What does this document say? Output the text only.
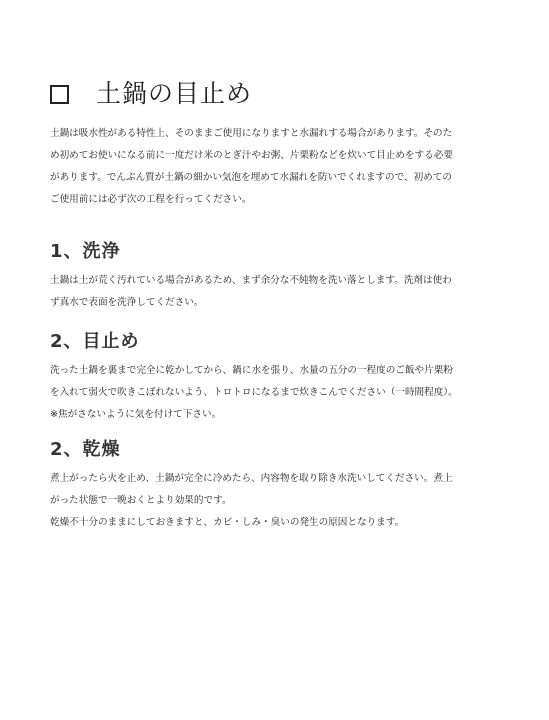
土鍋の目止め
土鍋は吸水性がある特性上、そのままご使用になりますと水漏れする場合があります。そのた
め初めてお使いになる前に一度だけ米のとぎ汁やお粥、片栗粉などを炊いて目止めをする必要
があります。でんぷん質が土鍋の細かい気泡を埋めて水漏れを防いでくれますので、初めての
ご使用前には必ず次の工程を行ってください。
1、洗浄
土鍋は土が荒く汚れている場合があるため、まず余分な不純物を洗い落とします。洗剤は使わ
ず真水で表面を洗浄してください。
2、目止め
洗った土鍋を裏まで完全に乾かしてから、鍋に水を張り、水量の五分の一程度のご飯や片栗粉
を入れて弱火で吹きこぼれないよう、トロトロになるまで炊きこんでください（一時間程度）。
※焦がさないように気を付けて下さい。
2、乾燥
煮上がったら火を止め、土鍋が完全に冷めたら、内容物を取り除き水洗いしてください。煮上
がった状態で一晩おくとより効果的です。
乾燥不十分のままにしておきますと、カビ・しみ・臭いの発生の原因となります。
